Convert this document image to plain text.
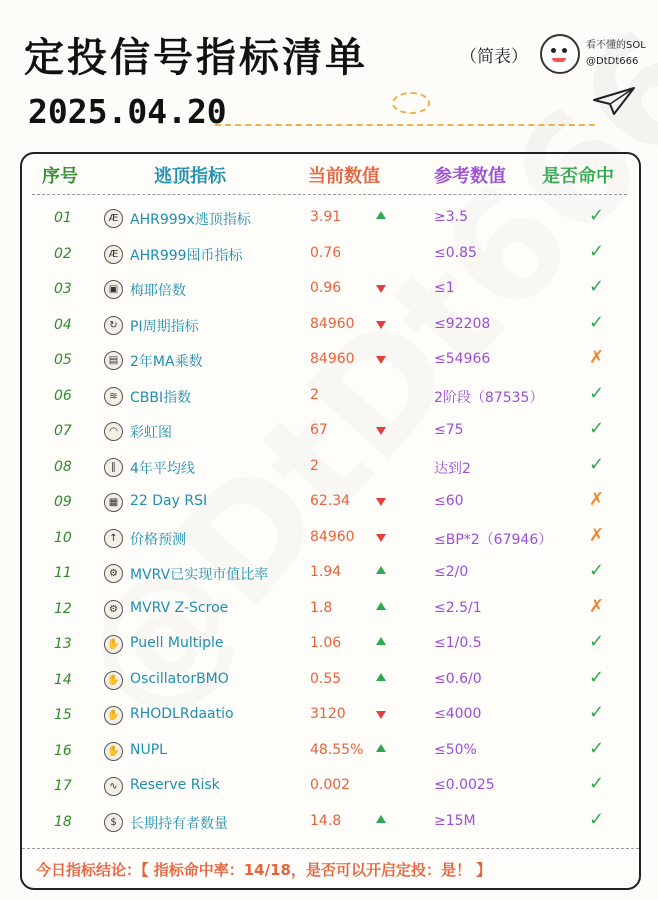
定投信号指标清单	（简表）
看不懂的SOL
@DtDt666
2025.04.20
序号	逃顶指标	当前数值	参考数值 是否命中
01	Æ AHR999x逃顶指标	3.91	≥3.5	✓
02	Æ AHR999囤币指标	0.76	≤0.85	✓
03	▣ 梅耶倍数	0.96	≤1	✓
04	↻ PI周期指标	84960	≤92208	✓
05	▤ 2年MA乘数	84960	≤54966	✗
06	≋ CBBI指数	2	2阶段（87535）	✓
07	◠ 彩虹图	67	≤75	✓
08	∥	4年平均线	2	达到2	✓
09	▦ 22 Day RSI	62.34	≤60	✗
10	↑ 价格预测	84960	≤BP*2（67946） ✗
11	⚙ MVRV已实现市值比率	1.94	≤2/0	✓
12	⚙ MVRV Z-Scroe	1.8	≤2.5/1	✗
13	✋ Puell Multiple	1.06	≤1/0.5	✓
14	✋ OscillatorBMO	0.55	≤0.6/0	✓
15	✋ RHODLRdaatio	3120	≤4000	✓
16	✋ NUPL	48.55%	≤50%	✓
17	∿ Reserve Risk	0.002	≤0.0025	✓
18	$ 长期持有者数量	14.8	≥15M	✓
今日指标结论：【 指标命中率：14/18，是否可以开启定投：是！ 】
